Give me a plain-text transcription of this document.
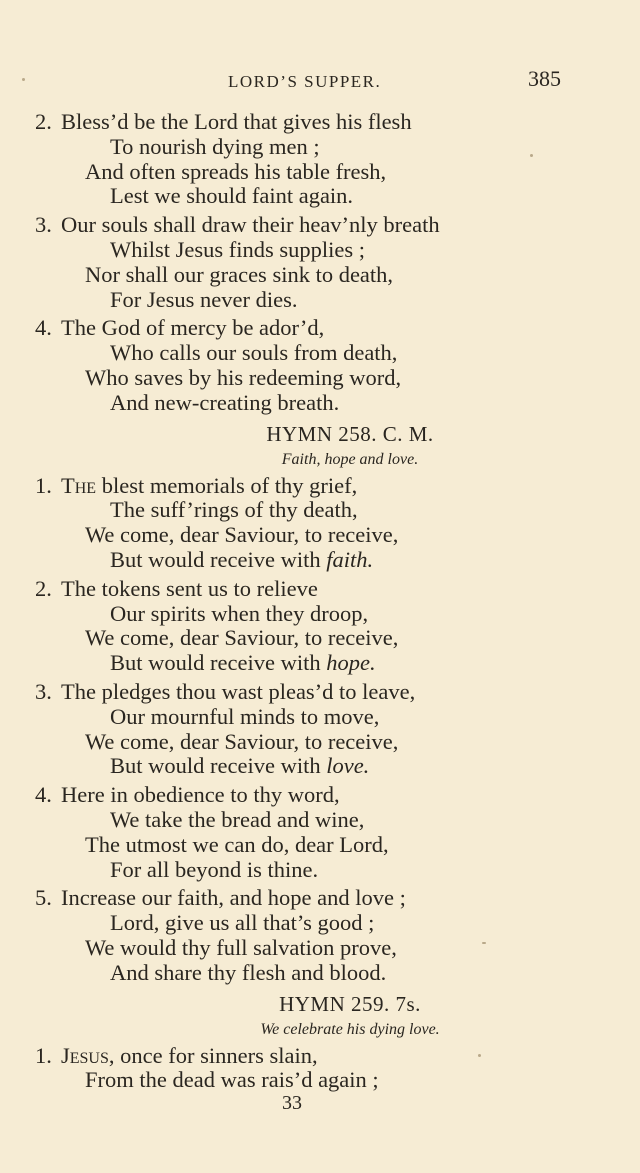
LORD’S SUPPER.	385
2. Bless’d be the Lord that gives his flesh
To nourish dying men ;
And often spreads his table fresh,
Lest we should faint again.
3. Our souls shall draw their heav’nly breath
Whilst Jesus finds supplies ;
Nor shall our graces sink to death,
For Jesus never dies.
4. The God of mercy be ador’d,
Who calls our souls from death,
Who saves by his redeeming word,
And new-creating breath.
HYMN 258. C. M.
Faith, hope and love.
1. The blest memorials of thy grief,
The suff’rings of thy death,
We come, dear Saviour, to receive,
But would receive with faith.
2. The tokens sent us to relieve
Our spirits when they droop,
We come, dear Saviour, to receive,
But would receive with hope.
3. The pledges thou wast pleas’d to leave,
Our mournful minds to move,
We come, dear Saviour, to receive,
But would receive with love.
4. Here in obedience to thy word,
We take the bread and wine,
The utmost we can do, dear Lord,
For all beyond is thine.
5. Increase our faith, and hope and love ;
Lord, give us all that’s good ;
We would thy full salvation prove,
And share thy flesh and blood.
HYMN 259. 7s.
We celebrate his dying love.
1. Jesus, once for sinners slain,
From the dead was rais’d again ;
33
